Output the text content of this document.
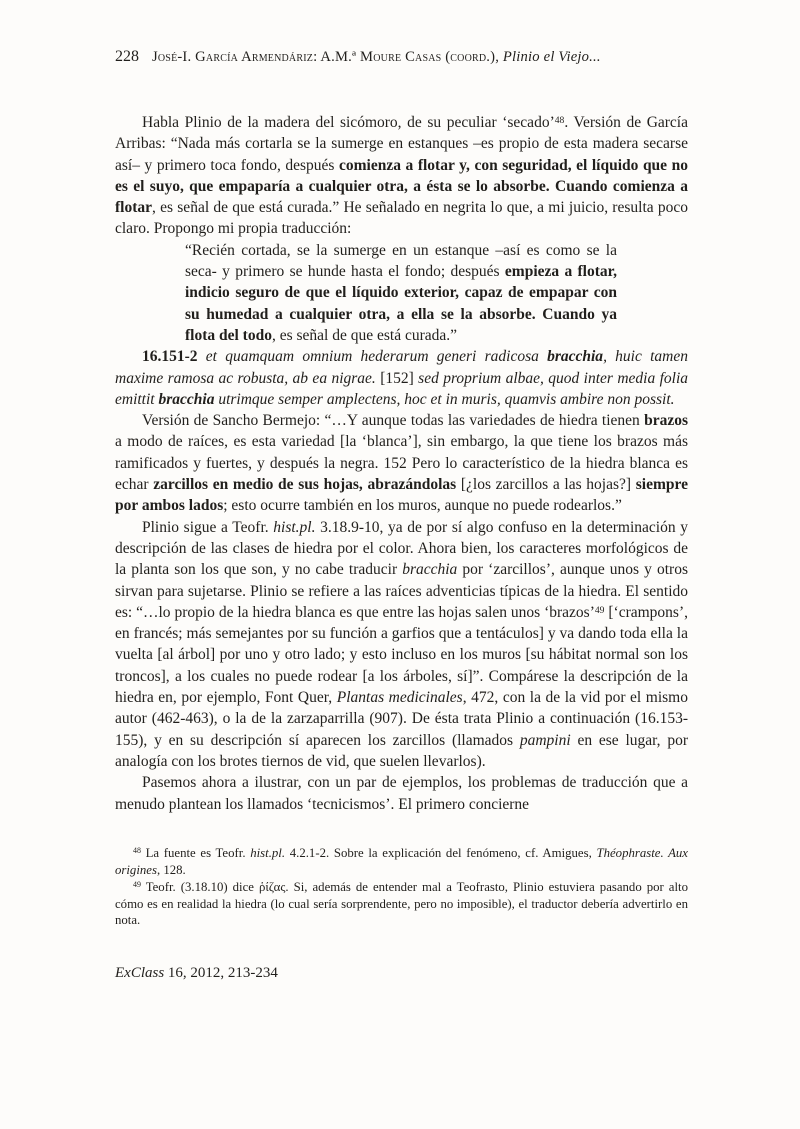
228 José-I. García Armendáriz: A.M.ª Moure Casas (coord.), Plinio el Viejo...

Habla Plinio de la madera del sicómoro, de su peculiar ‘secado’$^{48}$. Versión de García Arribas: “Nada más cortarla se la sumerge en estanques –es propio de esta madera secarse así– y primero toca fondo, después comienza a flotar y, con seguridad, el líquido que no es el suyo, que empaparía a cualquier otra, a ésta se lo absorbe. Cuando comienza a flotar, es señal de que está curada.” He señalado en negrita lo que, a mi juicio, resulta poco claro. Propongo mi propia traducción:

“Recién cortada, se la sumerge en un estanque –así es como se la seca- y primero se hunde hasta el fondo; después empieza a flotar, indicio seguro de que el líquido exterior, capaz de empapar con su humedad a cualquier otra, a ella se la absorbe. Cuando ya flota del todo, es señal de que está curada.”

16.151-2 et quamquam omnium hederarum generi radicosa bracchia, huic tamen maxime ramosa ac robusta, ab ea nigrae. [152] sed proprium albae, quod inter media folia emittit bracchia utrimque semper amplectens, hoc et in muris, quamvis ambire non possit.

Versión de Sancho Bermejo: “…Y aunque todas las variedades de hiedra tienen brazos a modo de raíces, es esta variedad [la ‘blanca’], sin embargo, la que tiene los brazos más ramificados y fuertes, y después la negra. 152 Pero lo característico de la hiedra blanca es echar zarcillos en medio de sus hojas, abrazándolas [¿los zarcillos a las hojas?] siempre por ambos lados; esto ocurre también en los muros, aunque no puede rodearlos.”

Plinio sigue a Teofr. hist.pl. 3.18.9-10, ya de por sí algo confuso en la determinación y descripción de las clases de hiedra por el color. Ahora bien, los caracteres morfológicos de la planta son los que son, y no cabe traducir bracchia por ‘zarcillos’, aunque unos y otros sirvan para sujetarse. Plinio se refiere a las raíces adventicias típicas de la hiedra. El sentido es: “…lo propio de la hiedra blanca es que entre las hojas salen unos ‘brazos’$^{49}$ [‘crampons’, en francés; más semejantes por su función a garfios que a tentáculos] y va dando toda ella la vuelta [al árbol] por uno y otro lado; y esto incluso en los muros [su hábitat normal son los troncos], a los cuales no puede rodear [a los árboles, sí]”. Compárese la descripción de la hiedra en, por ejemplo, Font Quer, Plantas medicinales, 472, con la de la vid por el mismo autor (462-463), o la de la zarzaparrilla (907). De ésta trata Plinio a continuación (16.153-155), y en su descripción sí aparecen los zarcillos (llamados pampini en ese lugar, por analogía con los brotes tiernos de vid, que suelen llevarlos).

Pasemos ahora a ilustrar, con un par de ejemplos, los problemas de traducción que a menudo plantean los llamados ‘tecnicismos’. El primero concierne

$^{48}$ La fuente es Teofr. hist.pl. 4.2.1-2. Sobre la explicación del fenómeno, cf. Amigues, Théophraste. Aux origines, 128.

$^{49}$ Teofr. (3.18.10) dice ῥίζας. Si, además de entender mal a Teofrasto, Plinio estuviera pasando por alto cómo es en realidad la hiedra (lo cual sería sorprendente, pero no imposible), el traductor debería advertirlo en nota.

ExClass 16, 2012, 213-234
